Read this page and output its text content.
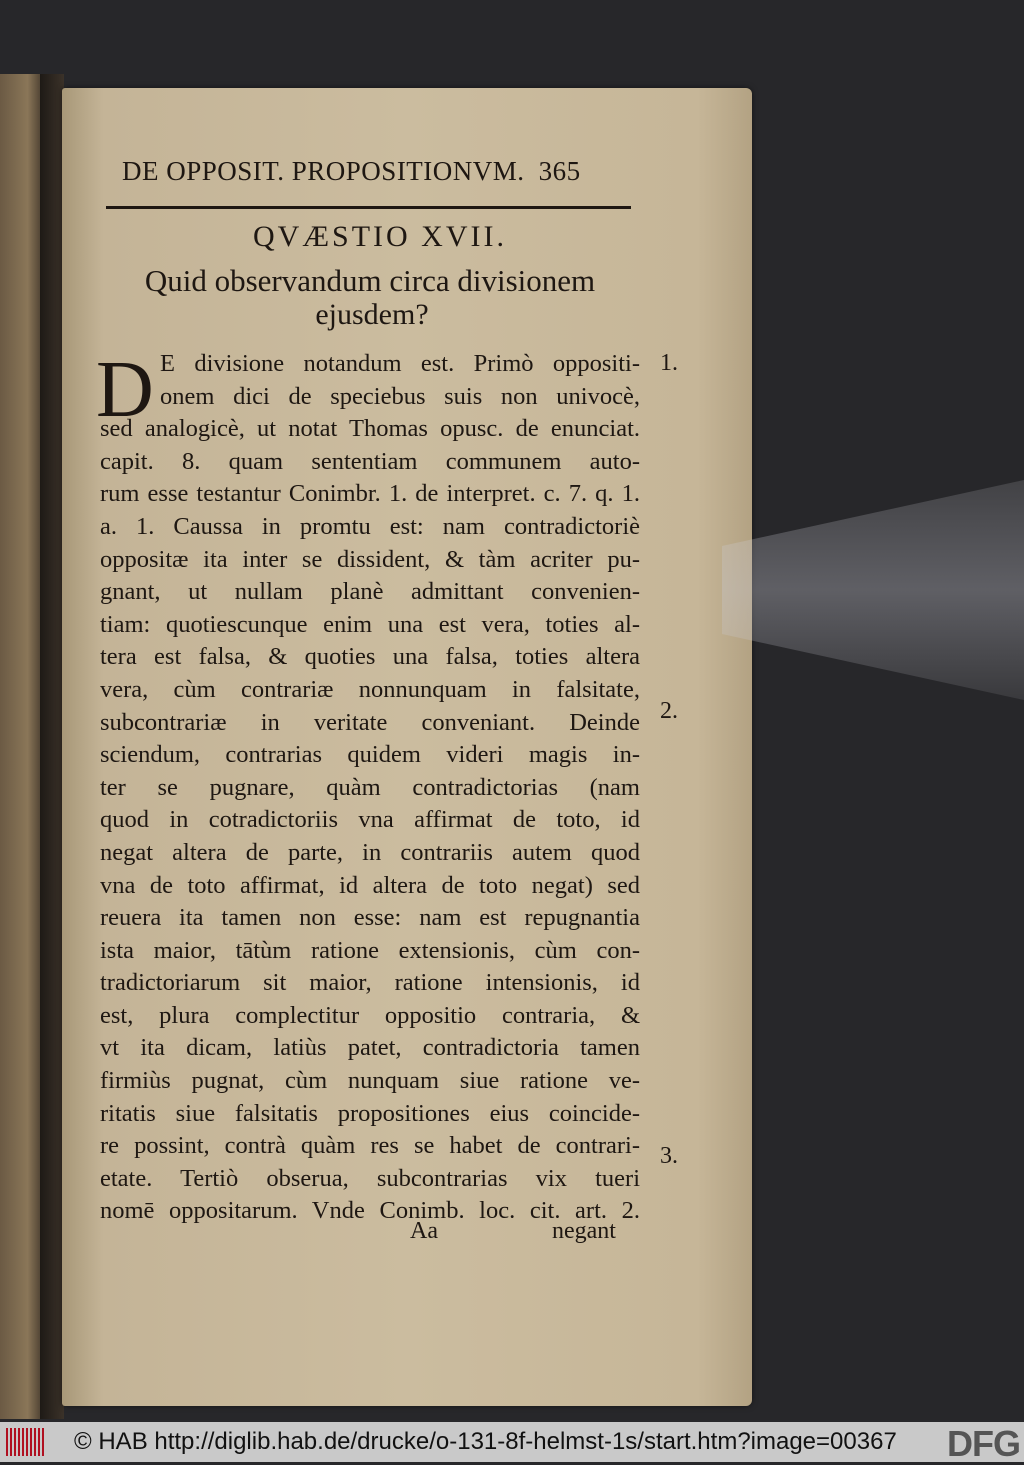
DE OPPOSIT. PROPOSITIONVM. 365
QVÆSTIO XVII.
Quid observandum circa divisionem
ejusdem?
D E divisione notandum est. Primò oppositi-
onem dici de speciebus suis non univocè,
sed analogicè, ut notat Thomas opusc. de enunciat.
capit. 8. quam sententiam communem auto-
rum esse testantur Conimbr. 1. de interpret. c. 7. q. 1.
a. 1. Caussa in promtu est: nam contradictoriè
oppositæ ita inter se dissident, & tàm acriter pu-
gnant, ut nullam planè admittant convenien-
tiam: quotiescunque enim una est vera, toties al-
tera est falsa, & quoties una falsa, toties altera
vera, cùm contrariæ nonnunquam in falsitate,
subcontrariæ in veritate conveniant. Deinde
sciendum, contrarias quidem videri magis in-
ter se pugnare, quàm contradictorias (nam
quod in cotradictoriis vna affirmat de toto, id
negat altera de parte, in contrariis autem quod
vna de toto affirmat, id altera de toto negat) sed
reuera ita tamen non esse: nam est repugnantia
ista maior, tātùm ratione extensionis, cùm con-
tradictoriarum sit maior, ratione intensionis, id
est, plura complectitur oppositio contraria, &
vt ita dicam, latiùs patet, contradictoria tamen
firmiùs pugnat, cùm nunquam siue ratione ve-
ritatis siue falsitatis propositiones eius coincide-
re possint, contrà quàm res se habet de contrari-
etate. Tertiò obserua, subcontrarias vix tueri
nomē oppositarum. Vnde Conimb. loc. cit. art. 2.
1.
2.
3.
Aa	negant
© HAB http://diglib.hab.de/drucke/o-131-8f-helmst-1s/start.htm?image=00367 DFG
